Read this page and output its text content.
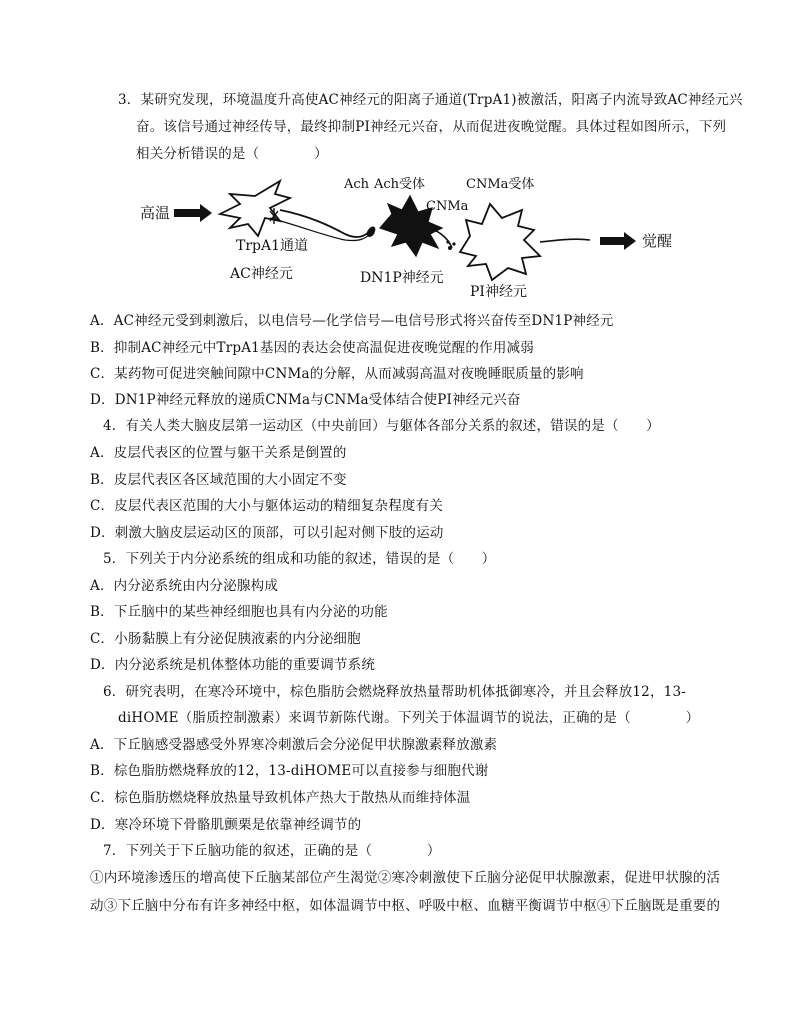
3．某研究发现，环境温度升高使AC神经元的阳离子通道(TrpA1)被激活，阳离子内流导致AC神经元兴
奋。该信号通过神经传导，最终抑制PI神经元兴奋，从而促进夜晚觉醒。具体过程如图所示，下列
相关分析错误的是（　　　　）
高温
TrpA1通道
AC神经元
Ach Ach受体
CNMa
DN1P神经元
CNMa受体
PI神经元
觉醒
A．AC神经元受到刺激后，以电信号—化学信号—电信号形式将兴奋传至DN1P神经元
B．抑制AC神经元中TrpA1基因的表达会使高温促进夜晚觉醒的作用减弱
C．某药物可促进突触间隙中CNMa的分解，从而减弱高温对夜晚睡眠质量的影响
D．DN1P神经元释放的递质CNMa与CNMa受体结合使PI神经元兴奋
4．有关人类大脑皮层第一运动区（中央前回）与躯体各部分关系的叙述，错误的是（　　）
A．皮层代表区的位置与躯干关系是倒置的
B．皮层代表区各区域范围的大小固定不变
C．皮层代表区范围的大小与躯体运动的精细复杂程度有关
D．刺激大脑皮层运动区的顶部，可以引起对侧下肢的运动
5．下列关于内分泌系统的组成和功能的叙述，错误的是（　　）
A．内分泌系统由内分泌腺构成
B．下丘脑中的某些神经细胞也具有内分泌的功能
C．小肠黏膜上有分泌促胰液素的内分泌细胞
D．内分泌系统是机体整体功能的重要调节系统
6．研究表明，在寒冷环境中，棕色脂肪会燃烧释放热量帮助机体抵御寒冷，并且会释放12，13-
diHOME（脂质控制激素）来调节新陈代谢。下列关于体温调节的说法，正确的是（　　　　）
A．下丘脑感受器感受外界寒冷刺激后会分泌促甲状腺激素释放激素
B．棕色脂肪燃烧释放的12，13-diHOME可以直接参与细胞代谢
C．棕色脂肪燃烧释放热量导致机体产热大于散热从而维持体温
D．寒冷环境下骨骼肌颤栗是依靠神经调节的
7．下列关于下丘脑功能的叙述，正确的是（　　　　）
①内环境渗透压的增高使下丘脑某部位产生渴觉②寒冷刺激使下丘脑分泌促甲状腺激素，促进甲状腺的活
动③下丘脑中分布有许多神经中枢，如体温调节中枢、呼吸中枢、血糖平衡调节中枢④下丘脑既是重要的
